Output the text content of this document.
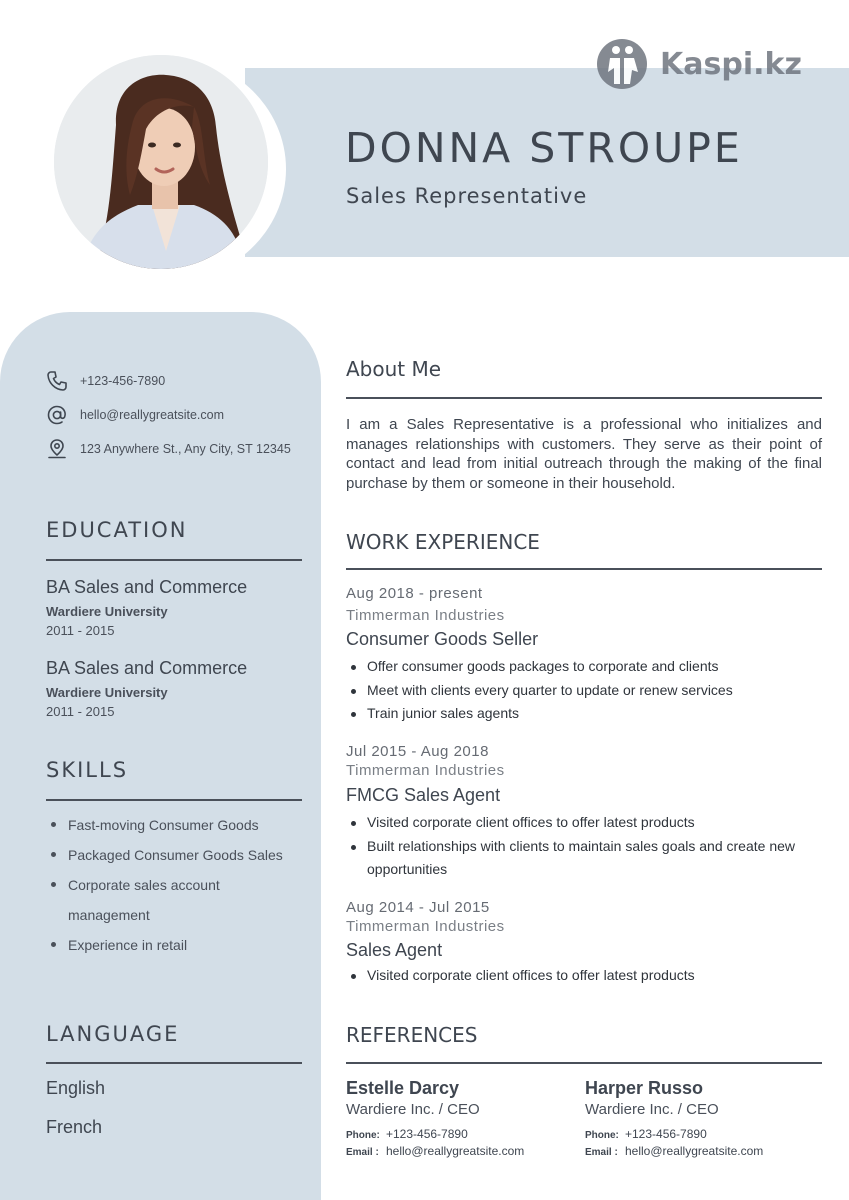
DONNA STROUPE
Sales Representative
Kaspi.kz
+123-456-7890
hello@reallygreatsite.com
123 Anywhere St., Any City, ST 12345
EDUCATION
BA Sales and Commerce
Wardiere University
2011 - 2015
BA Sales and Commerce
Wardiere University
2011 - 2015
SKILLS
Fast-moving Consumer Goods
Packaged Consumer Goods Sales
Corporate sales account management
Experience in retail
LANGUAGE
English
French
About Me

I am a Sales Representative is a professional who initializes and manages relationships with customers. They serve as their point of contact and lead from initial outreach through the making of the final purchase by them or someone in their household.

WORK EXPERIENCE
Aug 2018 - present
Timmerman Industries
Consumer Goods Seller
Offer consumer goods packages to corporate and clients
Meet with clients every quarter to update or renew services
Train junior sales agents
Jul 2015 - Aug 2018
Timmerman Industries
FMCG Sales Agent
Visited corporate client offices to offer latest products
Built relationships with clients to maintain sales goals and create new opportunities
Aug 2014 - Jul 2015
Timmerman Industries
Sales Agent
Visited corporate client offices to offer latest products
REFERENCES
Estelle Darcy
Wardiere Inc. / CEO
Phone: +123-456-7890
Email : hello@reallygreatsite.com
Harper Russo
Wardiere Inc. / CEO
Phone: +123-456-7890
Email : hello@reallygreatsite.com
